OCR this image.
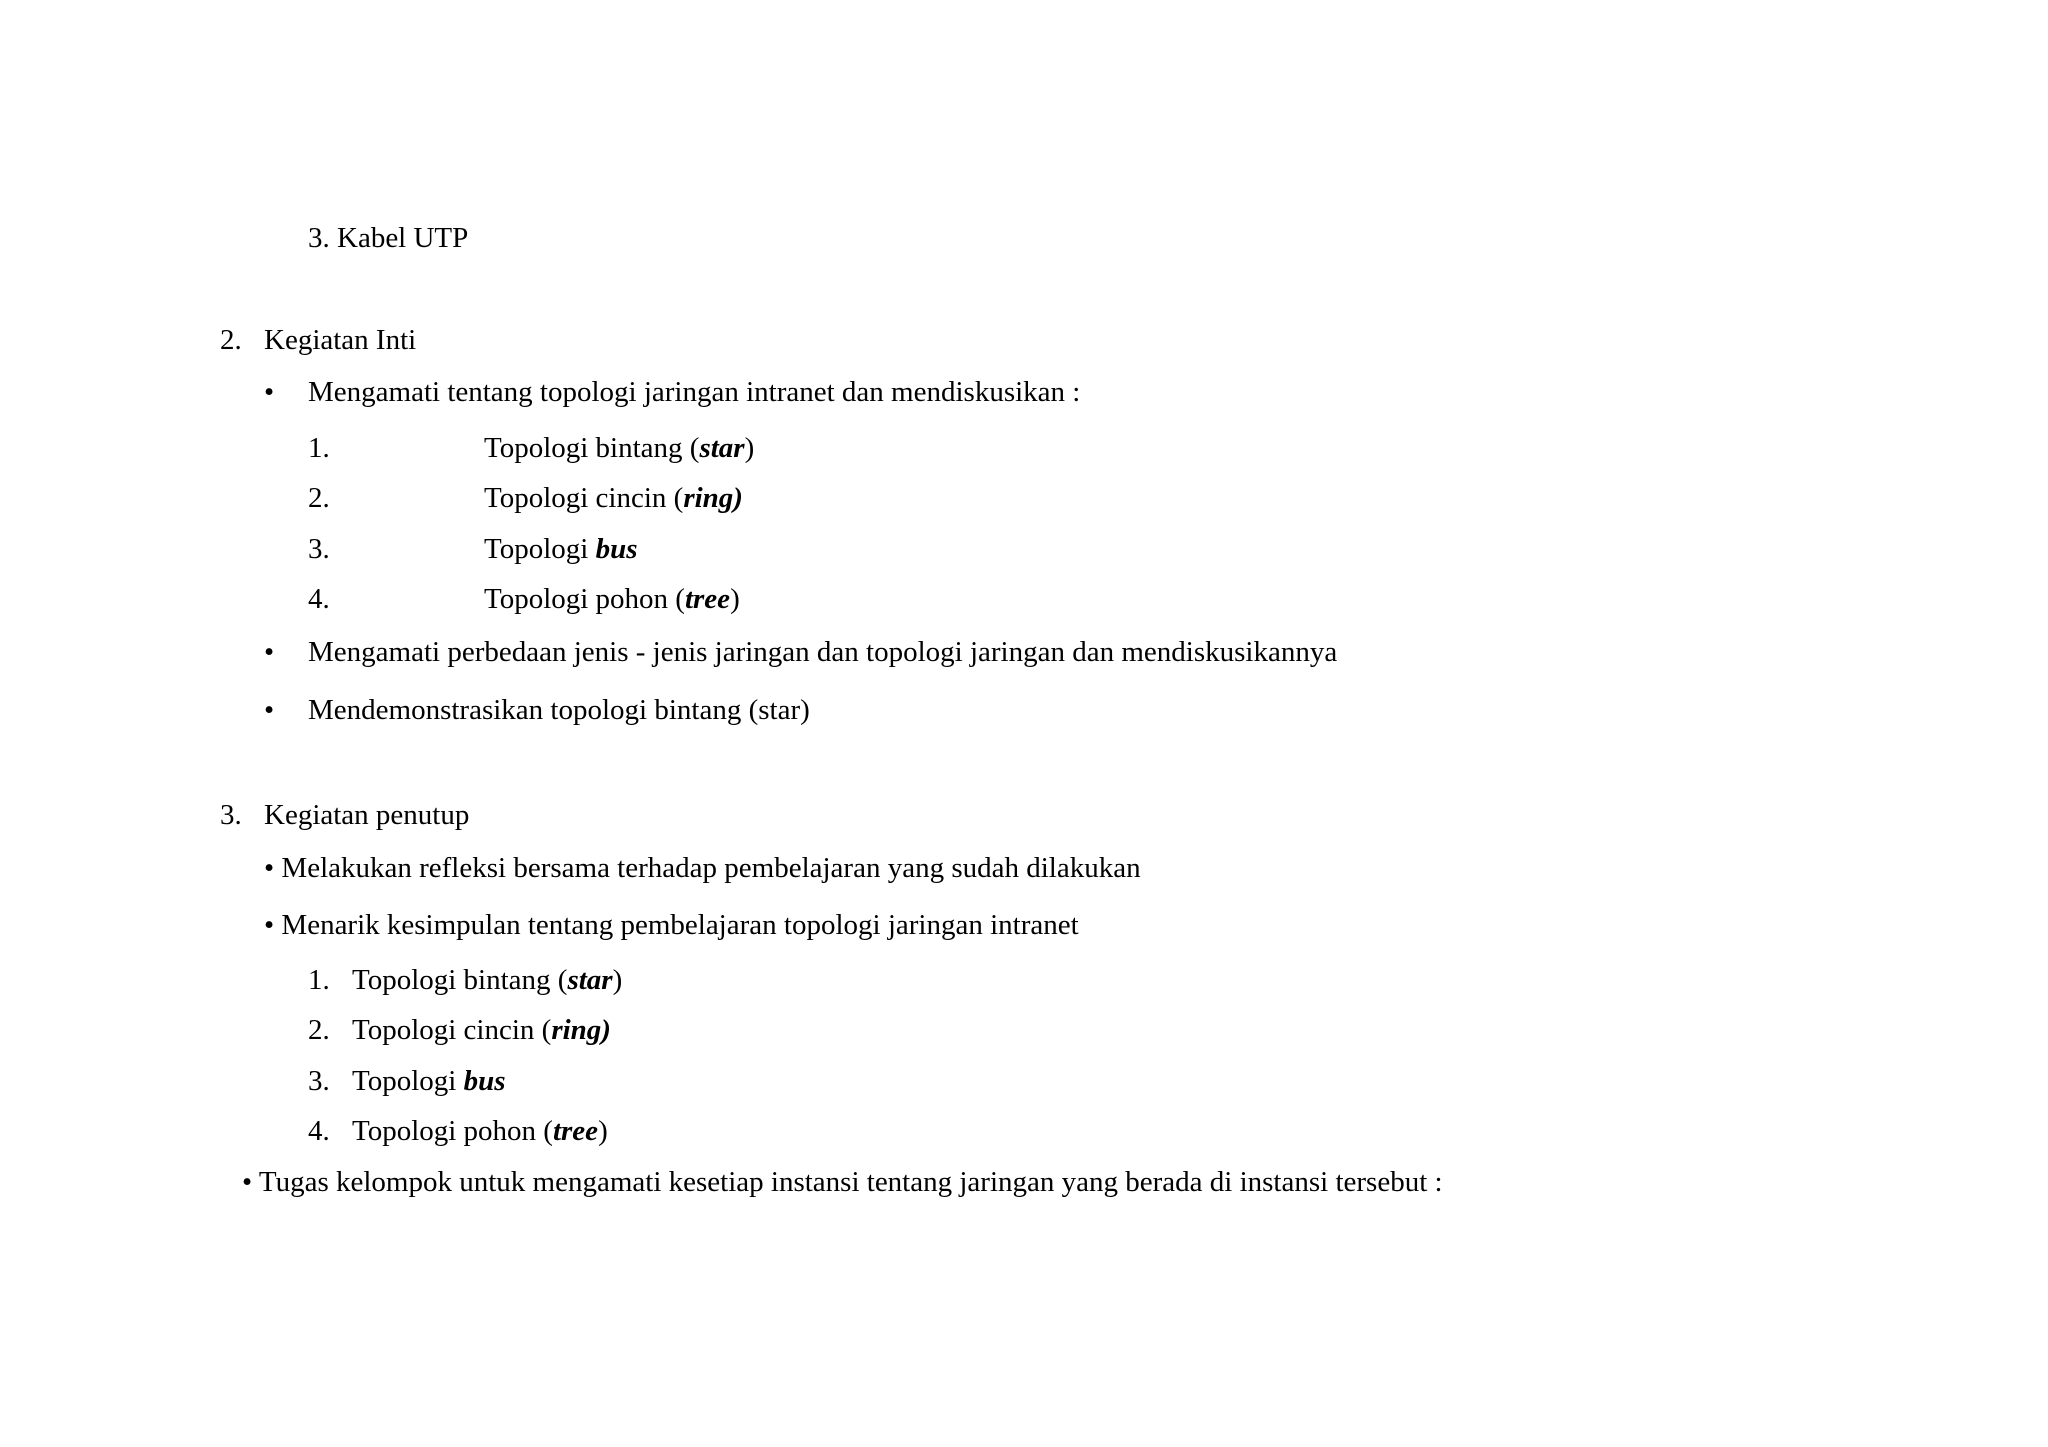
3. Kabel UTP
2. Kegiatan Inti
• Mengamati tentang topologi jaringan intranet dan mendiskusikan :
1.	Topologi bintang (star)
2.	Topologi cincin (ring)
3.	Topologi bus
4.	Topologi pohon (tree)
• Mengamati perbedaan jenis - jenis jaringan dan topologi jaringan dan mendiskusikannya
• Mendemonstrasikan topologi bintang (star)
3. Kegiatan penutup
• Melakukan refleksi bersama terhadap pembelajaran yang sudah dilakukan
• Menarik kesimpulan tentang pembelajaran topologi jaringan intranet
1. Topologi bintang (star)
2. Topologi cincin (ring)
3. Topologi bus
4. Topologi pohon (tree)
• Tugas kelompok untuk mengamati kesetiap instansi tentang jaringan yang berada di instansi tersebut :
